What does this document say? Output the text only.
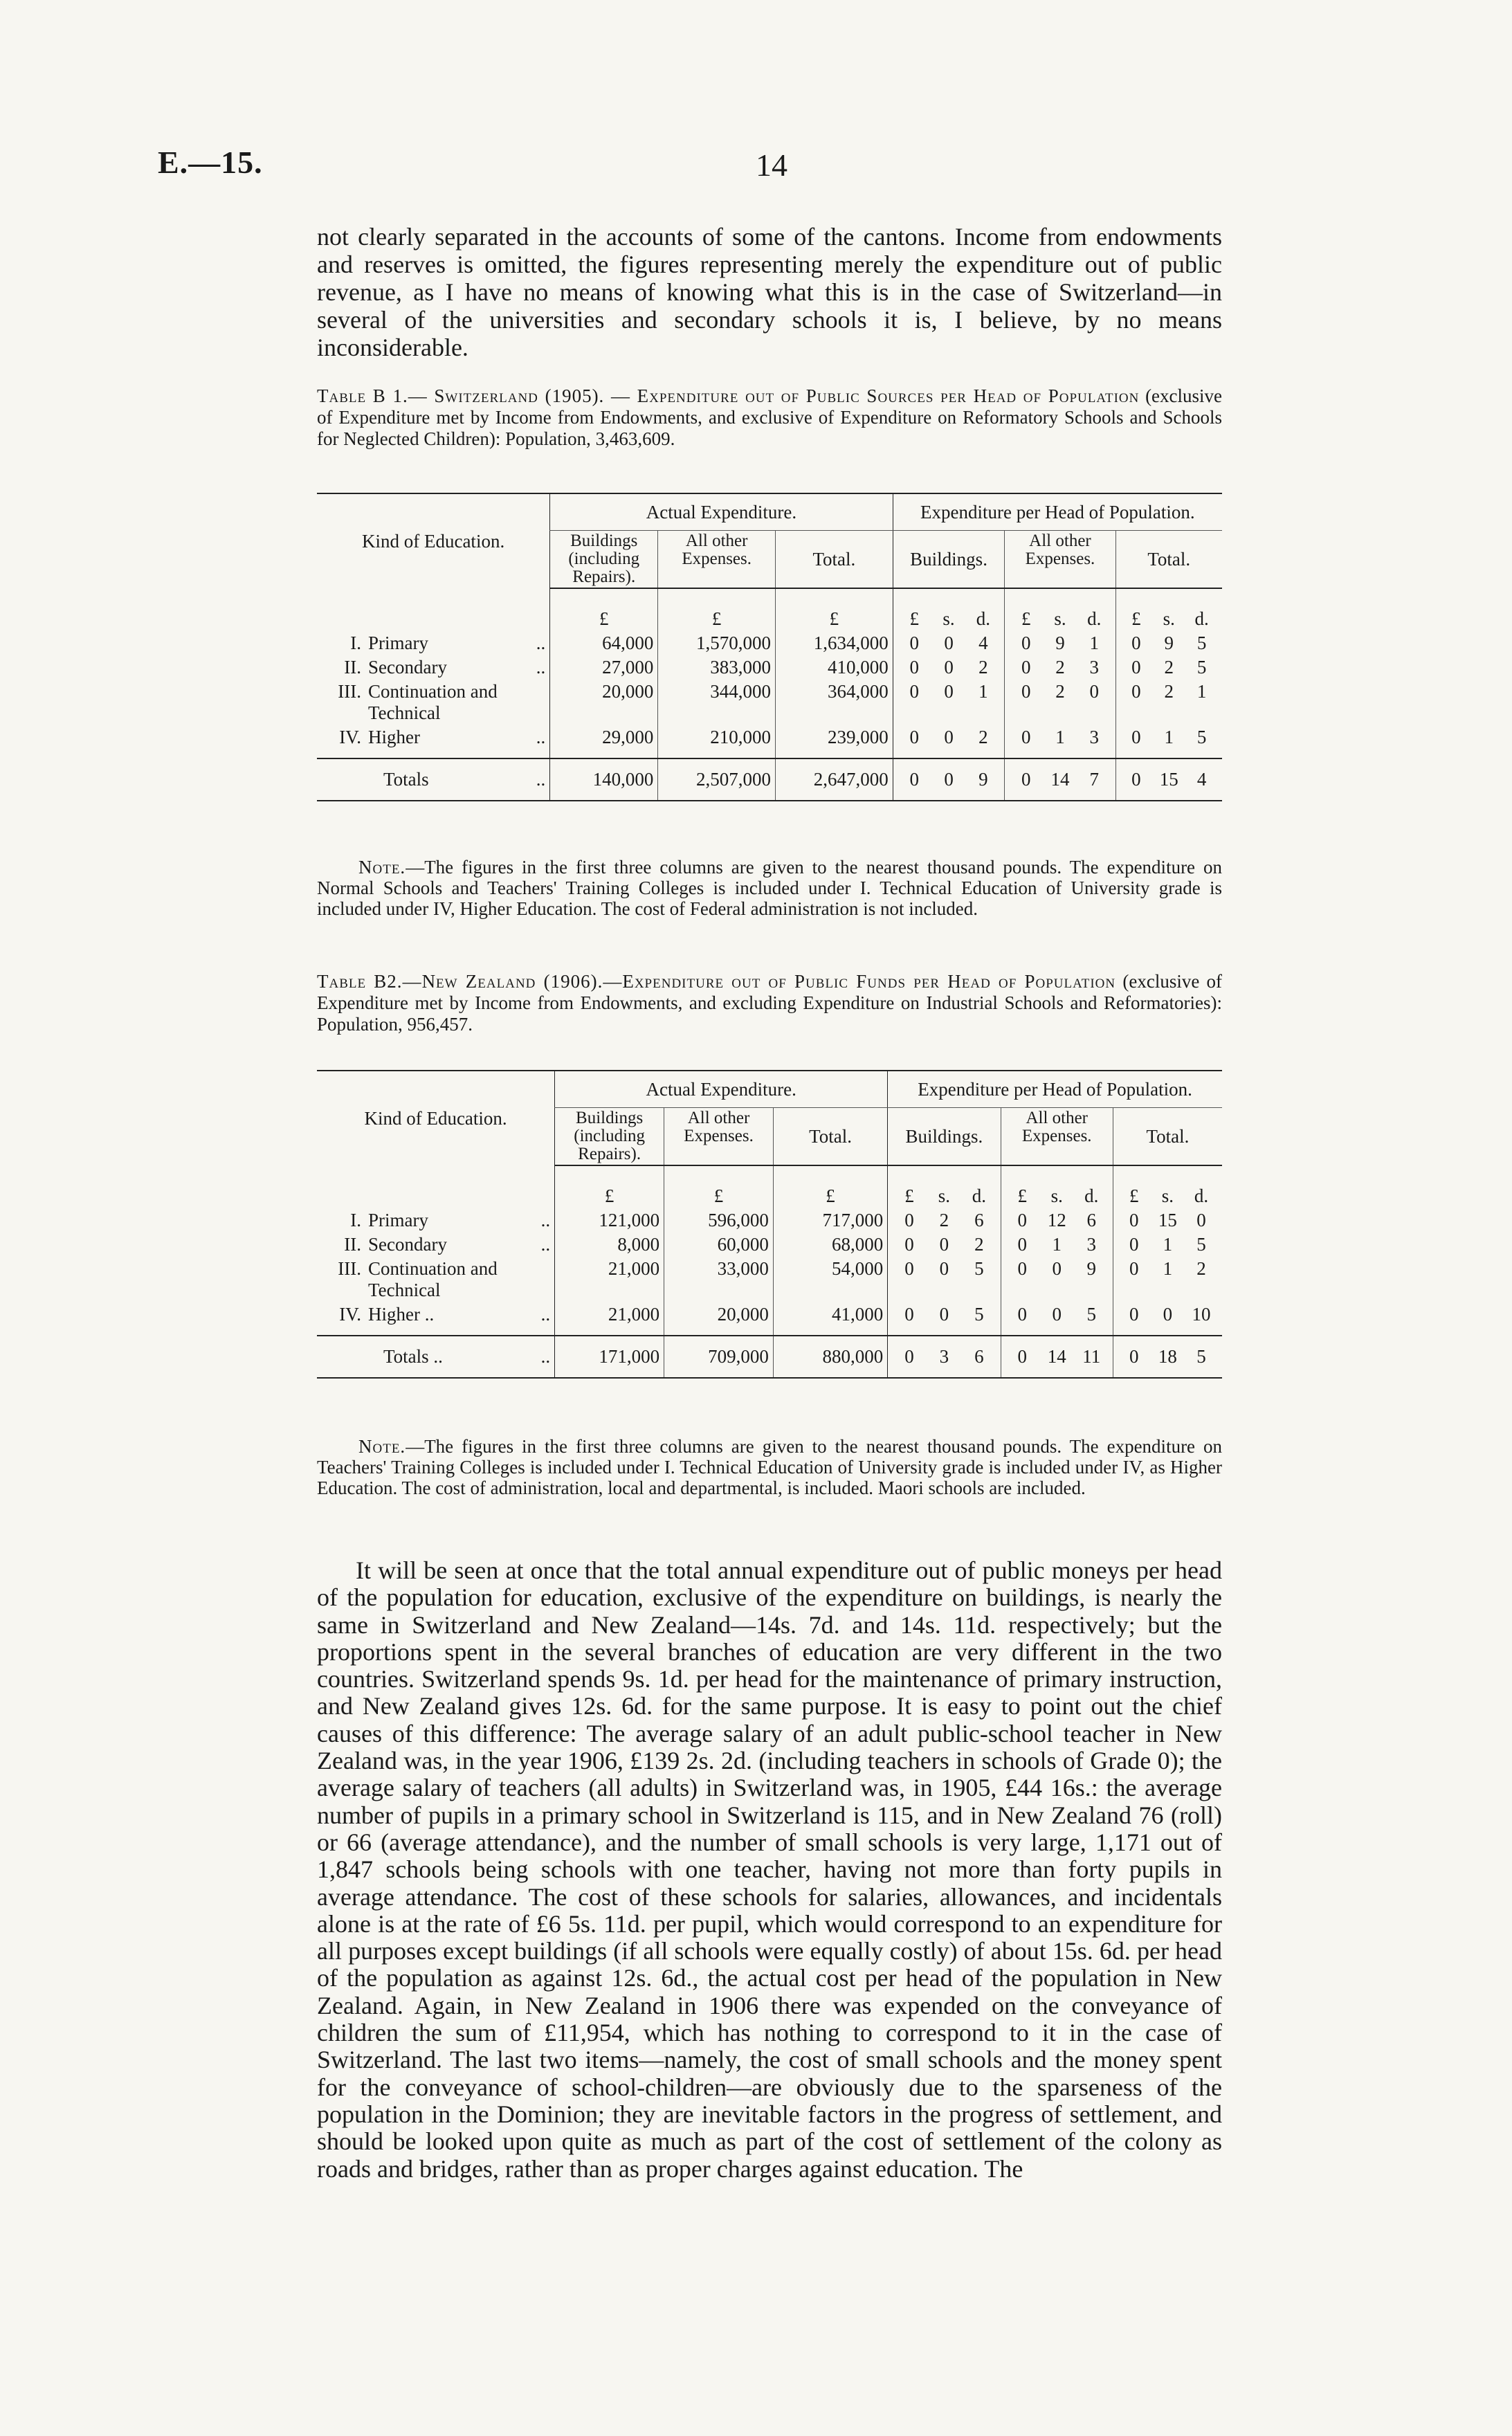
E.—15.	14
not clearly separated in the accounts of some of the cantons. Income from endowments and reserves is omitted, the figures representing merely the expenditure out of public revenue, as I have no means of knowing what this is in the case of Switzerland—in several of the universities and secondary schools it is, I believe, by no means inconsiderable.
Table B 1.— Switzerland (1905). — Expenditure out of Public Sources per Head of Population (exclusive of Expenditure met by Income from Endowments, and exclusive of Expenditure on Reformatory Schools and Schools for Neglected Children): Population, 3,463,609.
Kind of Education.	Actual Expenditure.			Expenditure per Head of Population.		
	Buildings (including Repairs).	All other Expenses.	Total.	Buildings.	All other Expenses.	Total.
	£	£	£	£ s. d.	£ s. d.	£ s. d.

I. Primary ..	64,000	1,570,000	1,634,000	0 0 4	0 9 1	0 9 5

II. Secondary ..	27,000	383,000	410,000	0 0 2	0 2 3	0 2 5

III. Continuation and
Technical	20,000	344,000	364,000	0 0 1	0 2 0	0 2 1

IV. Higher ..	29,000	210,000	239,000	0 0 2	0 1 3	0 1 5

Totals ..	140,000	2,507,000	2,647,000	0 0 9	0 14 7	0 15 4
Note.—The figures in the first three columns are given to the nearest thousand pounds. The expenditure on Normal Schools and Teachers' Training Colleges is included under I. Technical Education of University grade is included under IV, Higher Education. The cost of Federal administration is not included.
Table B2.—New Zealand (1906).—Expenditure out of Public Funds per Head of Population (exclusive of Expenditure met by Income from Endowments, and excluding Expenditure on Industrial Schools and Reformatories): Population, 956,457.
Kind of Education.	Actual Expenditure.			Expenditure per Head of Population.		
	Buildings (including Repairs).	All other Expenses.	Total.	Buildings.	All other Expenses.	Total.
	£	£	£	£ s. d.	£ s. d.	£ s. d.

I. Primary ..	121,000	596,000	717,000	0 2 6	0 12 6	0 15 0

II. Secondary ..	8,000	60,000	68,000	0 0 2	0 1 3	0 1 5

III. Continuation and
Technical	21,000	33,000	54,000	0 0 5	0 0 9	0 1 2

IV. Higher .. ..	21,000	20,000	41,000	0 0 5	0 0 5	0 0 10

Totals .. ..	171,000	709,000	880,000	0 3 6	0 14 11	0 18 5
Note.—The figures in the first three columns are given to the nearest thousand pounds. The expenditure on Teachers' Training Colleges is included under I. Technical Education of University grade is included under IV, as Higher Education. The cost of administration, local and departmental, is included. Maori schools are included.
It will be seen at once that the total annual expenditure out of public moneys per head of the population for education, exclusive of the expenditure on buildings, is nearly the same in Switzerland and New Zealand—14s. 7d. and 14s. 11d. respectively; but the proportions spent in the several branches of education are very different in the two countries. Switzerland spends 9s. 1d. per head for the maintenance of primary instruction, and New Zealand gives 12s. 6d. for the same purpose. It is easy to point out the chief causes of this difference: The average salary of an adult public-school teacher in New Zealand was, in the year 1906, £139 2s. 2d. (including teachers in schools of Grade 0); the average salary of teachers (all adults) in Switzerland was, in 1905, £44 16s.: the average number of pupils in a primary school in Switzerland is 115, and in New Zealand 76 (roll) or 66 (average attendance), and the number of small schools is very large, 1,171 out of 1,847 schools being schools with one teacher, having not more than forty pupils in average attendance. The cost of these schools for salaries, allowances, and incidentals alone is at the rate of £6 5s. 11d. per pupil, which would correspond to an expenditure for all purposes except buildings (if all schools were equally costly) of about 15s. 6d. per head of the population as against 12s. 6d., the actual cost per head of the population in New Zealand. Again, in New Zealand in 1906 there was expended on the conveyance of children the sum of £11,954, which has nothing to correspond to it in the case of Switzerland. The last two items—namely, the cost of small schools and the money spent for the conveyance of school-children—are obviously due to the sparseness of the population in the Dominion; they are inevitable factors in the progress of settlement, and should be looked upon quite as much as part of the cost of settlement of the colony as roads and bridges, rather than as proper charges against education. The
